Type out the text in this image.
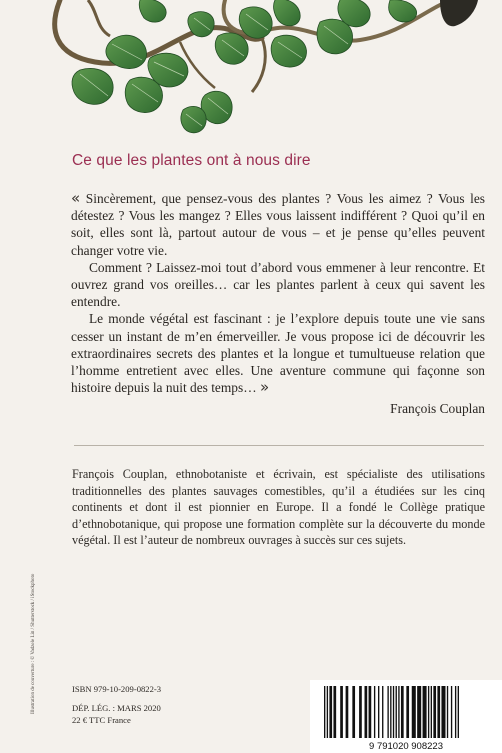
Ce que les plantes ont à nous dire

« Sincèrement, que pensez-vous des plantes ? Vous les aimez ? Vous les détestez ? Vous les mangez ? Elles vous laissent indifférent ? Quoi qu’il en soit, elles sont là, partout autour de vous – et je pense qu’elles peuvent changer votre vie.

Comment ? Laissez-moi tout d’abord vous emmener à leur rencontre. Et ouvrez grand vos oreilles… car les plantes parlent à ceux qui savent les entendre.

Le monde végétal est fascinant : je l’explore depuis toute une vie sans cesser un instant de m’en émerveiller. Je vous propose ici de découvrir les extraordinaires secrets des plantes et la longue et tumultueuse relation que l’homme entretient avec elles. Une aventure commune qui façonne son histoire depuis la nuit des temps… »

François Couplan

François Couplan, ethnobotaniste et écrivain, est spécialiste des utilisations traditionnelles des plantes sauvages comestibles, qu’il a étudiées sur les cinq continents et dont il est pionnier en Europe. Il a fondé le Collège pratique d’ethnobotanique, qui propose une formation complète sur la découverte du monde végétal. Il est l’auteur de nombreux ouvrages à succès sur ces sujets.

Illustration de couverture : © Vadzele Lin / Shutterstock / iStockphoto	ISBN 979-10-209-0822-3
DÉP. LÉG. : MARS 2020
22 € TTC France
9 791020 908223
